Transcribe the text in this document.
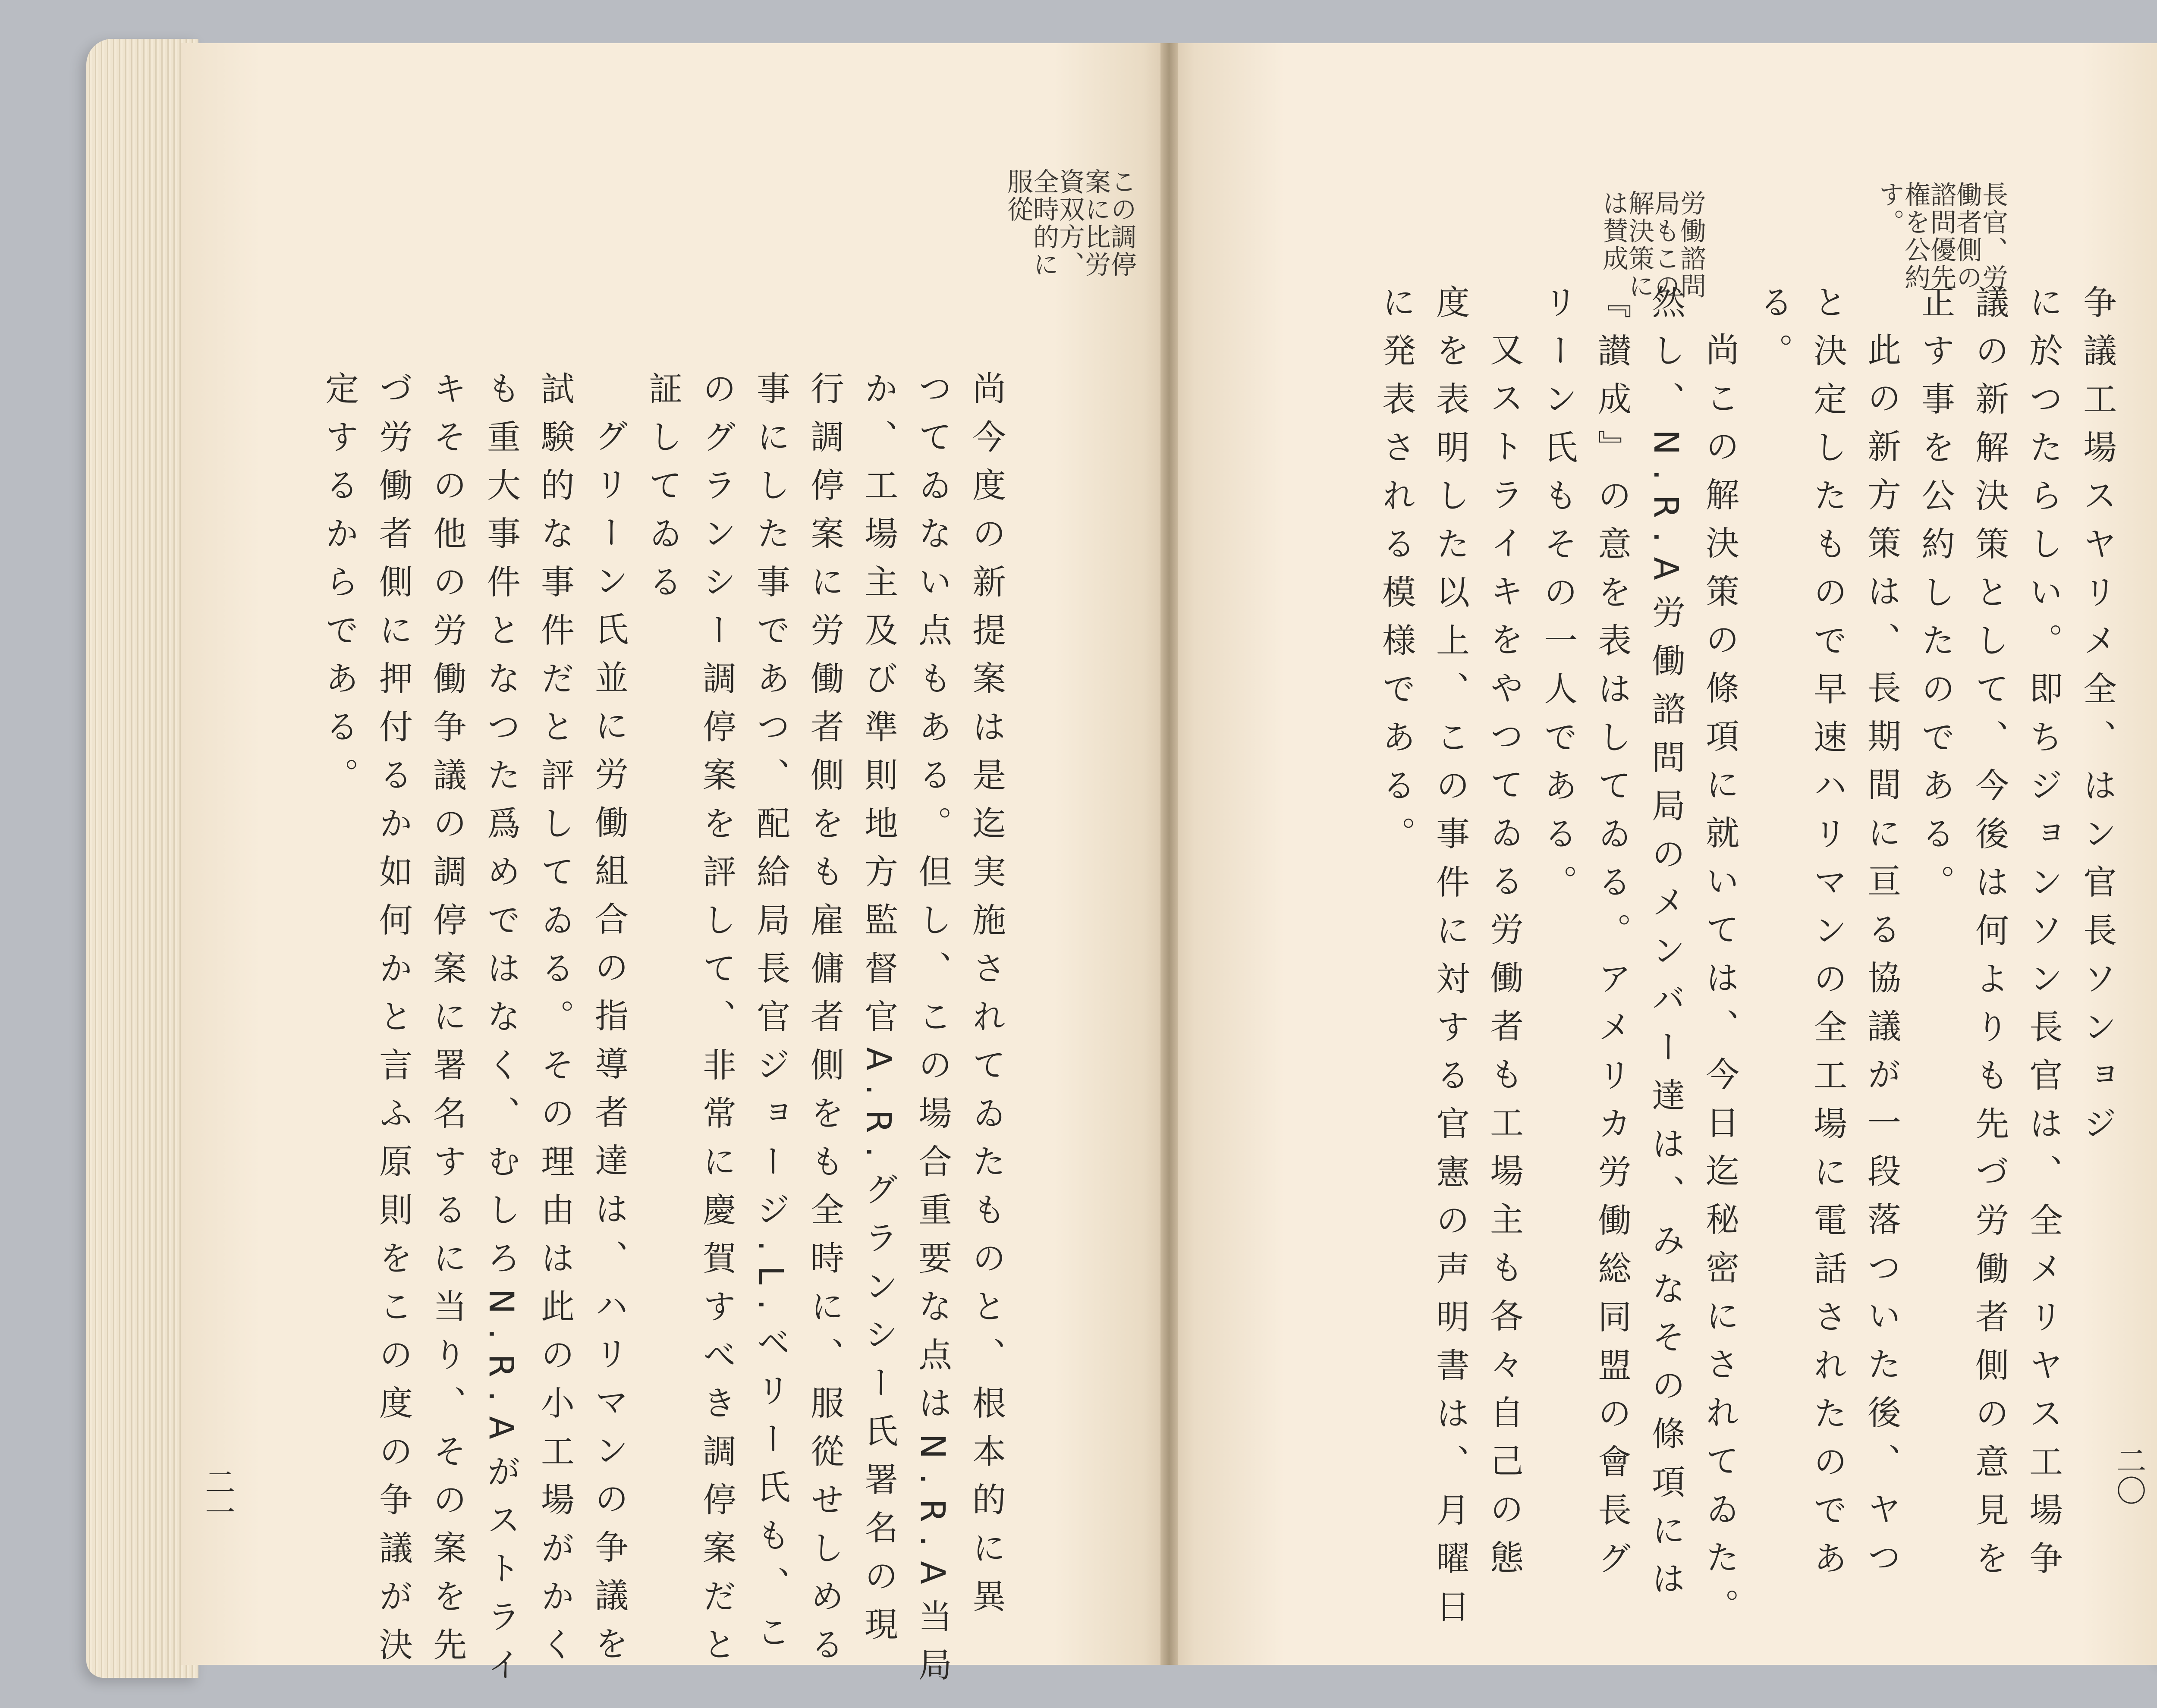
この調停
案に比労
資双方、
全時的に
服從
尚今度の新提案は是迄実施されてゐたものと、根本的に異
つてゐない点もある。但し、この場合重要な点はN.R.A当局
か、工場主及び準則地方監督官A.R.グランシー氏署名の現
行調停案に労働者側をも雇傭者側をも全時に、服從せしめる
事にした事であつ、配給局長官ジョージ.L.ベリー氏も、こ
のグランシー調停案を評して、非常に慶賀すべき調停案だと
証してゐる
グリーン氏並に労働組合の指導者達は、ハリマンの争議を
試験的な事件だと評してゐる。その理由は此の小工場がかく
も重大事件となつた爲めではなく、むしろN.R.Aがストライ
キその他の労働争議の調停案に署名するに当り、その案を先
づ労働者側に押付るか如何かと言ふ原則をこの度の争議が決
定するからである。
二一
長官、労
働者側の
諮問優先
権を公約
す。
労働諮問
局もこの
解決策に
は賛成
争議工場スヤリメ全、はン官長ソンョジ
に於つたらしい。即ちジョンソン長官は、全メリヤス工場争
議の新解決策として、今後は何よりも先づ労働者側の意見を
正す事を公約したのである。
此の新方策は、長期間に亘る協議が一段落ついた後、ヤつ
と決定したもので早速ハリマンの全工場に電話されたのであ
る。
尚この解決策の條項に就いては、今日迄秘密にされてゐた。
然し、N.R.A労働諮問局のメンバー達は、みなその條項には
『讃成』の意を表はしてゐる。アメリカ労働総同盟の會長グ
リーン氏もその一人である。
又ストライキをやつてゐる労働者も工場主も各々自己の態
度を表明した以上、この事件に対する官憲の声明書は、月曜日
に発表される模様である。
二〇
